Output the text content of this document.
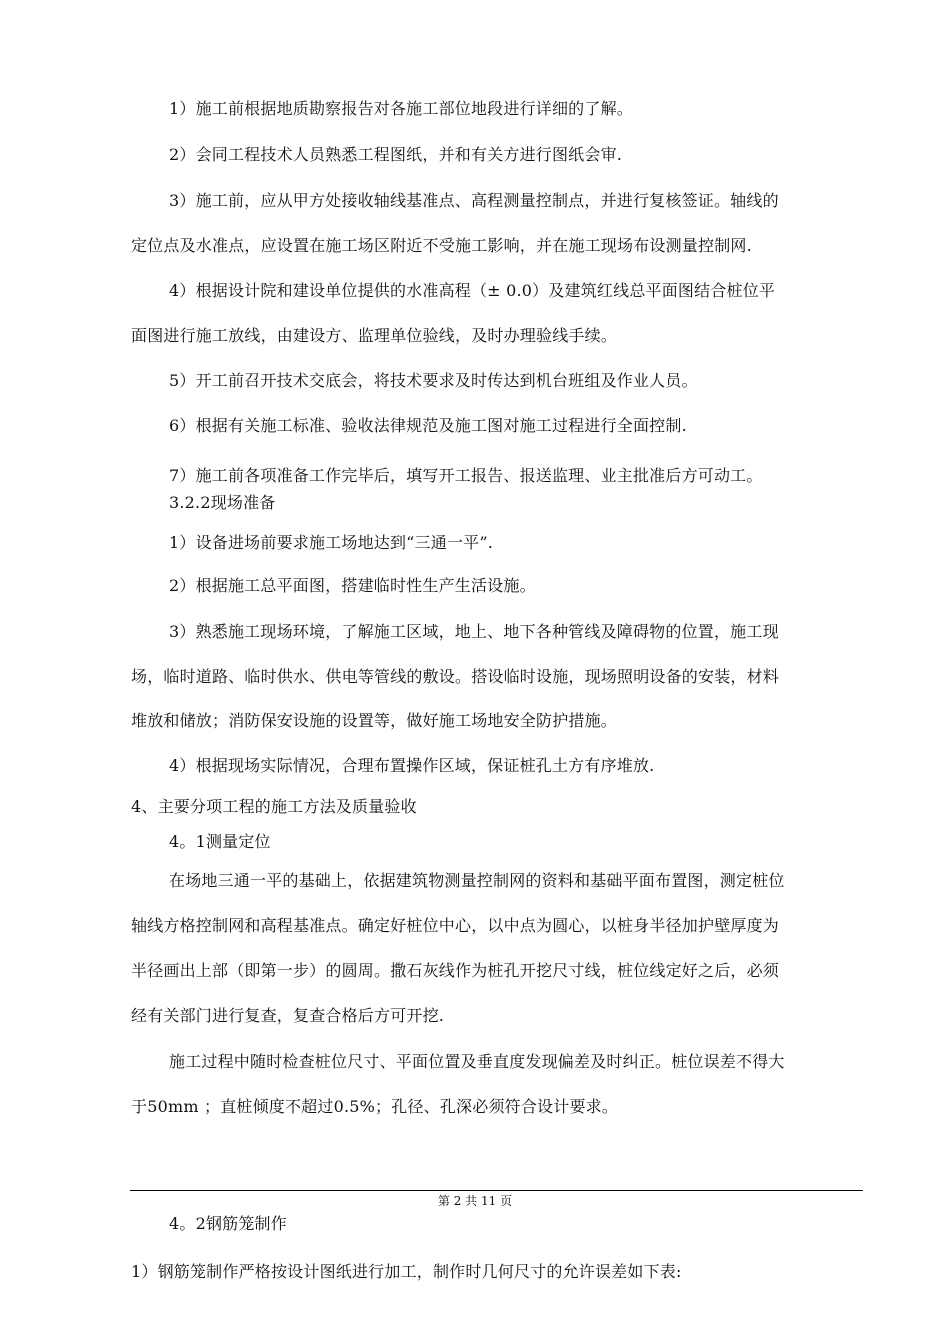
1）施工前根据地质勘察报告对各施工部位地段进行详细的了解。
2）会同工程技术人员熟悉工程图纸，并和有关方进行图纸会审.
3）施工前，应从甲方处接收轴线基准点、高程测量控制点，并进行复核签证。轴线的
定位点及水准点，应设置在施工场区附近不受施工影响，并在施工现场布设测量控制网.
4）根据设计院和建设单位提供的水准高程（± 0.0）及建筑红线总平面图结合桩位平
面图进行施工放线，由建设方、监理单位验线，及时办理验线手续。
5）开工前召开技术交底会，将技术要求及时传达到机台班组及作业人员。
6）根据有关施工标准、验收法律规范及施工图对施工过程进行全面控制.
7）施工前各项准备工作完毕后，填写开工报告、报送监理、业主批准后方可动工。
3.2.2现场准备
1）设备进场前要求施工场地达到“三通一平”.
2）根据施工总平面图，搭建临时性生产生活设施。
3）熟悉施工现场环境，了解施工区域，地上、地下各种管线及障碍物的位置，施工现
场，临时道路、临时供水、供电等管线的敷设。搭设临时设施，现场照明设备的安装，材料
堆放和储放；消防保安设施的设置等，做好施工场地安全防护措施。
4）根据现场实际情况，合理布置操作区域，保证桩孔土方有序堆放.
4、主要分项工程的施工方法及质量验收
4。1测量定位
在场地三通一平的基础上，依据建筑物测量控制网的资料和基础平面布置图，测定桩位
轴线方格控制网和高程基准点。确定好桩位中心，以中点为圆心，以桩身半径加护壁厚度为
半径画出上部（即第一步）的圆周。撒石灰线作为桩孔开挖尺寸线，桩位线定好之后，必须
经有关部门进行复查，复查合格后方可开挖.
施工过程中随时检查桩位尺寸、平面位置及垂直度发现偏差及时纠正。桩位误差不得大
于50mm ；直桩倾度不超过0.5%；孔径、孔深必须符合设计要求。
第 2 共 11 页
4。2钢筋笼制作
1）钢筋笼制作严格按设计图纸进行加工，制作时几何尺寸的允许误差如下表:
